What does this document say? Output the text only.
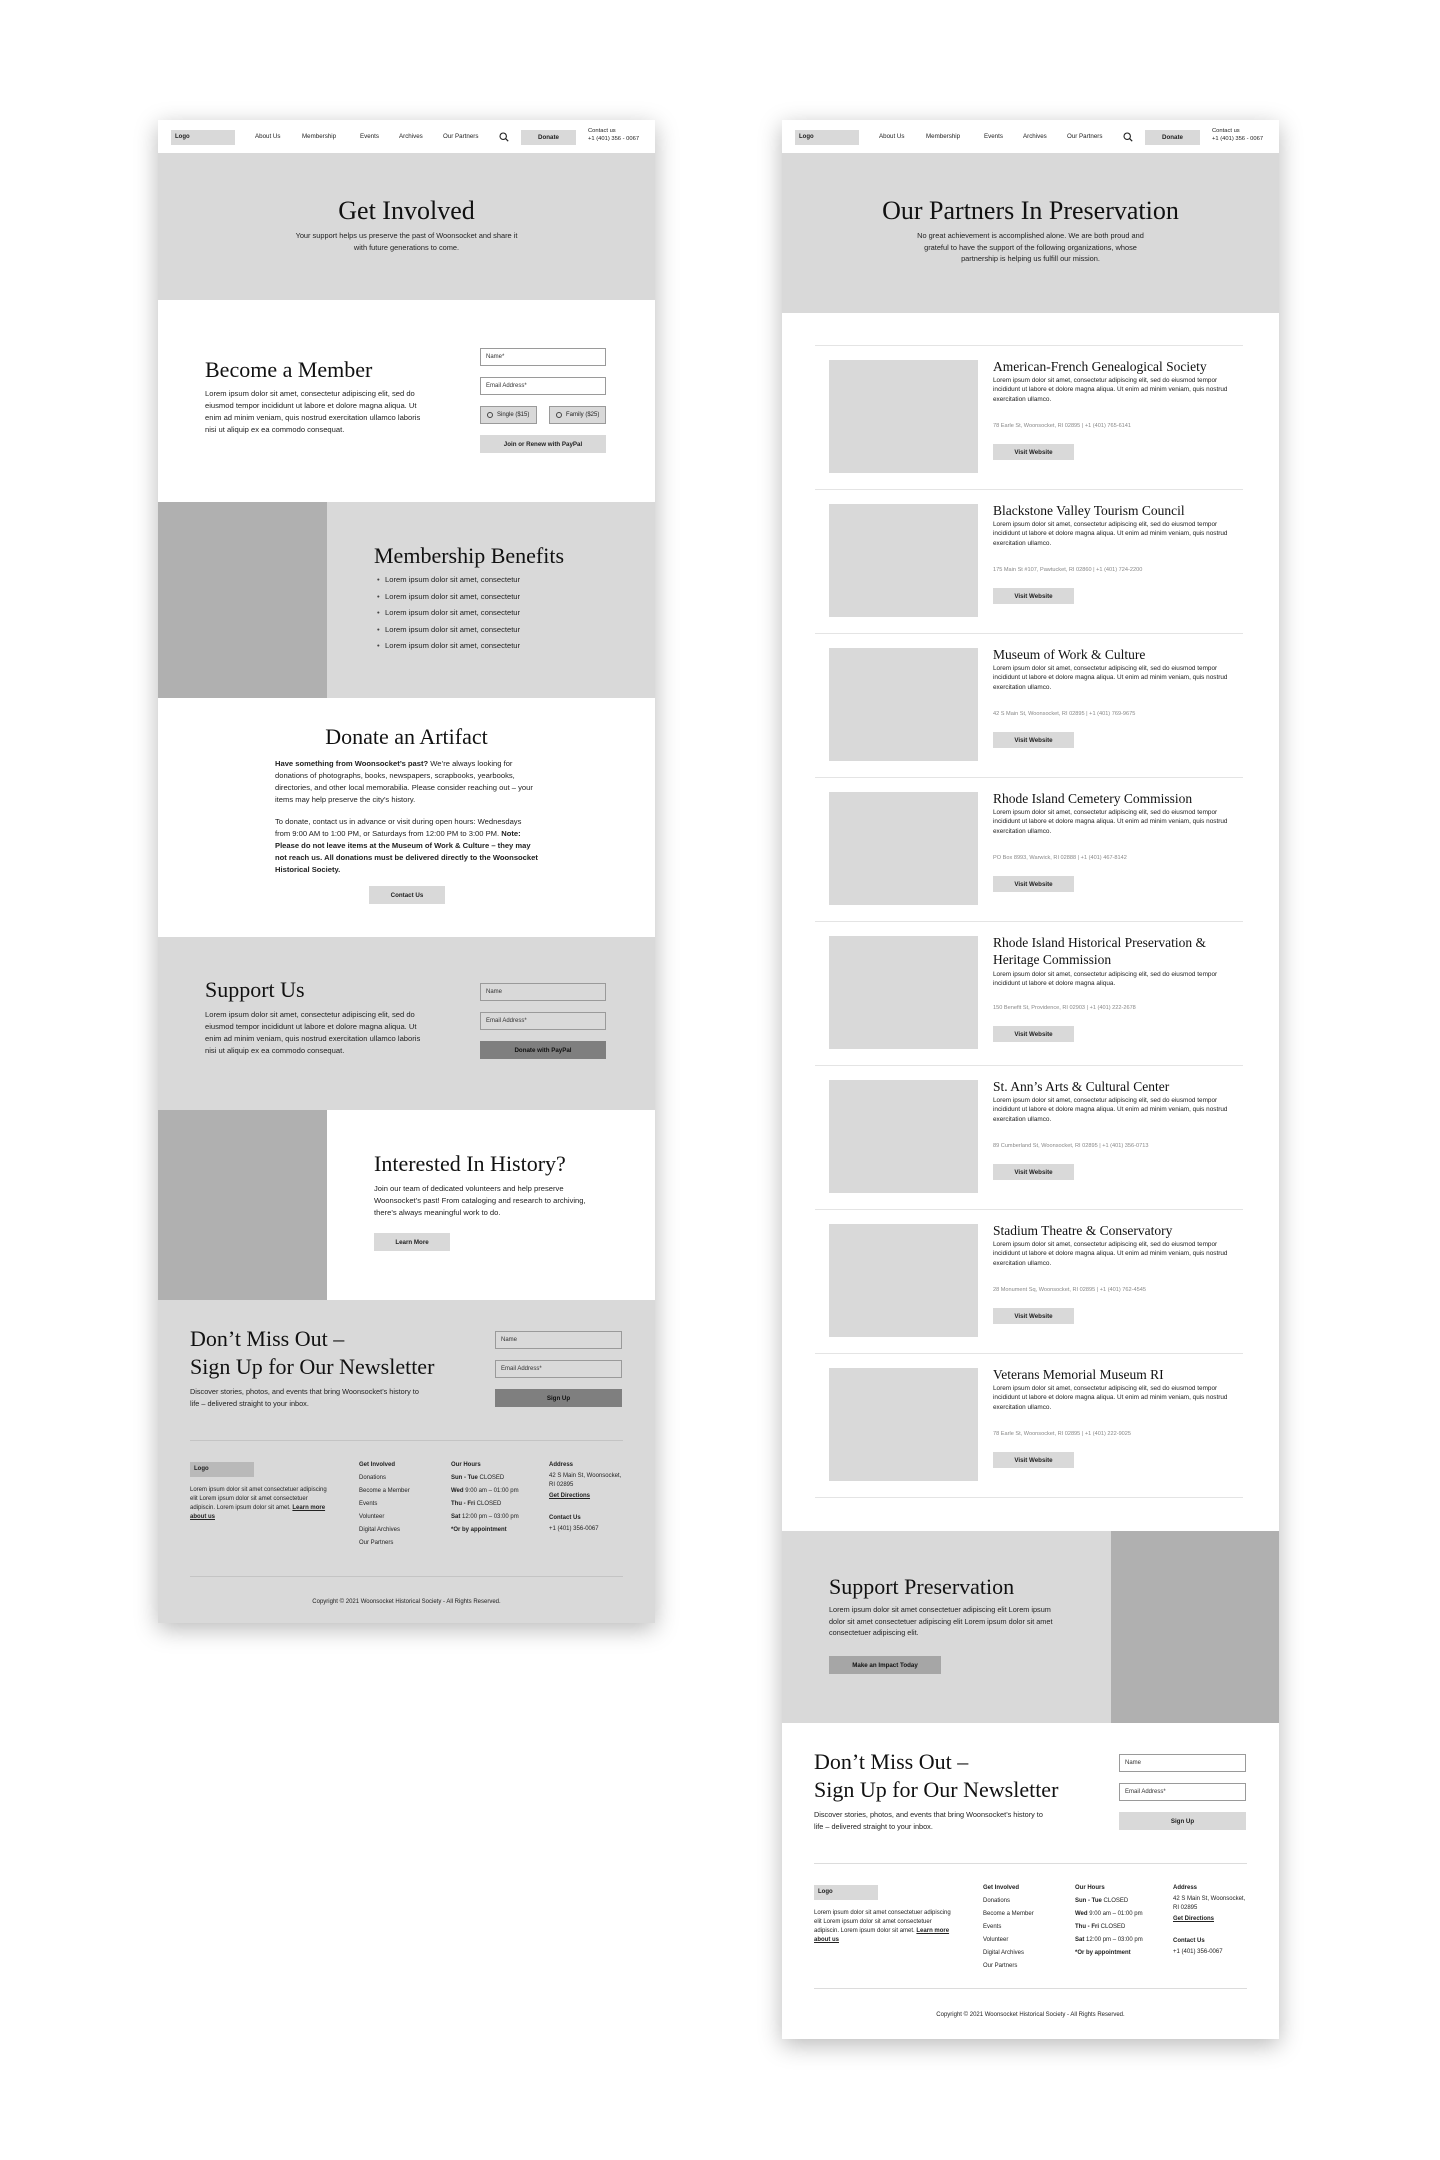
Logo	About Us	Membership	Events	Archives	Our Partners	Donate
Contact us
+1 (401) 356 - 0067
Get Involved
Your support helps us preserve the past of Woonsocket and share it
with future generations to come.
Become a Member
Lorem ipsum dolor sit amet, consectetur adipiscing elit, sed do eiusmod tempor incididunt ut labore et dolore magna aliqua. Ut enim ad minim veniam, quis nostrud exercitation ullamco laboris nisi ut aliquip ex ea commodo consequat.
Name*
Email Address*
Single ($15)	Family ($25)
Join or Renew with PayPal
Membership Benefits
• Lorem ipsum dolor sit amet, consectetur
• Lorem ipsum dolor sit amet, consectetur
• Lorem ipsum dolor sit amet, consectetur
• Lorem ipsum dolor sit amet, consectetur
• Lorem ipsum dolor sit amet, consectetur
Donate an Artifact
Have something from Woonsocket’s past? We’re always looking for donations of photographs, books, newspapers, scrapbooks, yearbooks, directories, and other local memorabilia. Please consider reaching out – your items may help preserve the city’s history.
To donate, contact us in advance or visit during open hours: Wednesdays from 9:00 AM to 1:00 PM, or Saturdays from 12:00 PM to 3:00 PM. Note: Please do not leave items at the Museum of Work & Culture – they may not reach us. All donations must be delivered directly to the Woonsocket Historical Society.
Contact Us
Support Us
Lorem ipsum dolor sit amet, consectetur adipiscing elit, sed do eiusmod tempor incididunt ut labore et dolore magna aliqua. Ut enim ad minim veniam, quis nostrud exercitation ullamco laboris nisi ut aliquip ex ea commodo consequat.
Name
Email Address*
Donate with PayPal
Interested In History?
Join our team of dedicated volunteers and help preserve Woonsocket’s past! From cataloging and research to archiving, there’s always meaningful work to do.
Learn More
Don’t Miss Out –
Sign Up for Our Newsletter
Discover stories, photos, and events that bring Woonsocket’s history to life – delivered straight to your inbox.
Name
Email Address*
Sign Up
Logo
Lorem ipsum dolor sit amet consectetuer adipiscing elit Lorem ipsum dolor sit amet consectetuer adipiscin. Lorem ipsum dolor sit amet. Learn more about us
Get Involved
Donations
Become a Member
Events
Volunteer
Digital Archives
Our Partners
Our Hours
Sun - Tue CLOSED
Wed 9:00 am – 01:00 pm
Thu - Fri CLOSED
Sat 12:00 pm – 03:00 pm
*Or by appointment
Address
42 S Main St, Woonsocket, RI 02895
Get Directions
Contact Us
+1 (401) 356-0067
Copyright © 2021 Woonsocket Historical Society - All Rights Reserved.
Logo	About Us	Membership	Events	Archives	Our Partners	Donate
Contact us
+1 (401) 356 - 0067
Our Partners In Preservation
No great achievement is accomplished alone. We are both proud and
grateful to have the support of the following organizations, whose
partnership is helping us fulfill our mission.
American-French Genealogical Society
Lorem ipsum dolor sit amet, consectetur adipiscing elit, sed do eiusmod tempor incididunt ut labore et dolore magna aliqua. Ut enim ad minim veniam, quis nostrud exercitation ullamco.
78 Earle St, Woonsocket, RI 02895 | +1 (401) 765-6141
Visit Website
Blackstone Valley Tourism Council
Lorem ipsum dolor sit amet, consectetur adipiscing elit, sed do eiusmod tempor incididunt ut labore et dolore magna aliqua. Ut enim ad minim veniam, quis nostrud exercitation ullamco.
175 Main St #107, Pawtucket, RI 02860 | +1 (401) 724-2200
Visit Website
Museum of Work & Culture
Lorem ipsum dolor sit amet, consectetur adipiscing elit, sed do eiusmod tempor incididunt ut labore et dolore magna aliqua. Ut enim ad minim veniam, quis nostrud exercitation ullamco.
42 S Main St, Woonsocket, RI 02895 | +1 (401) 769-9675
Visit Website
Rhode Island Cemetery Commission
Lorem ipsum dolor sit amet, consectetur adipiscing elit, sed do eiusmod tempor incididunt ut labore et dolore magna aliqua. Ut enim ad minim veniam, quis nostrud exercitation ullamco.
PO Box 8993, Warwick, RI 02888 | +1 (401) 467-8142
Visit Website
Rhode Island Historical Preservation & Heritage Commission
Lorem ipsum dolor sit amet, consectetur adipiscing elit, sed do eiusmod tempor incididunt ut labore et dolore magna aliqua.
150 Benefit St, Providence, RI 02903 | +1 (401) 222-2678
Visit Website
St. Ann’s Arts & Cultural Center
Lorem ipsum dolor sit amet, consectetur adipiscing elit, sed do eiusmod tempor incididunt ut labore et dolore magna aliqua. Ut enim ad minim veniam, quis nostrud exercitation ullamco.
89 Cumberland St, Woonsocket, RI 02895 | +1 (401) 356-0713
Visit Website
Stadium Theatre & Conservatory
Lorem ipsum dolor sit amet, consectetur adipiscing elit, sed do eiusmod tempor incididunt ut labore et dolore magna aliqua. Ut enim ad minim veniam, quis nostrud exercitation ullamco.
28 Monument Sq, Woonsocket, RI 02895 | +1 (401) 762-4545
Visit Website
Veterans Memorial Museum RI
Lorem ipsum dolor sit amet, consectetur adipiscing elit, sed do eiusmod tempor incididunt ut labore et dolore magna aliqua. Ut enim ad minim veniam, quis nostrud exercitation ullamco.
78 Earle St, Woonsocket, RI 02895 | +1 (401) 222-9025
Visit Website
Support Preservation
Lorem ipsum dolor sit amet consectetuer adipiscing elit Lorem ipsum dolor sit amet consectetuer adipiscing elit Lorem ipsum dolor sit amet consectetuer adipiscing elit.
Make an Impact Today
Don’t Miss Out –
Sign Up for Our Newsletter
Discover stories, photos, and events that bring Woonsocket’s history to life – delivered straight to your inbox.
Name
Email Address*
Sign Up
Logo
Lorem ipsum dolor sit amet consectetuer adipiscing elit Lorem ipsum dolor sit amet consectetuer adipiscin. Lorem ipsum dolor sit amet. Learn more about us
Get Involved
Donations
Become a Member
Events
Volunteer
Digital Archives
Our Partners
Our Hours
Sun - Tue CLOSED
Wed 9:00 am – 01:00 pm
Thu - Fri CLOSED
Sat 12:00 pm – 03:00 pm
*Or by appointment
Address
42 S Main St, Woonsocket, RI 02895
Get Directions
Contact Us
+1 (401) 356-0067
Copyright © 2021 Woonsocket Historical Society - All Rights Reserved.
